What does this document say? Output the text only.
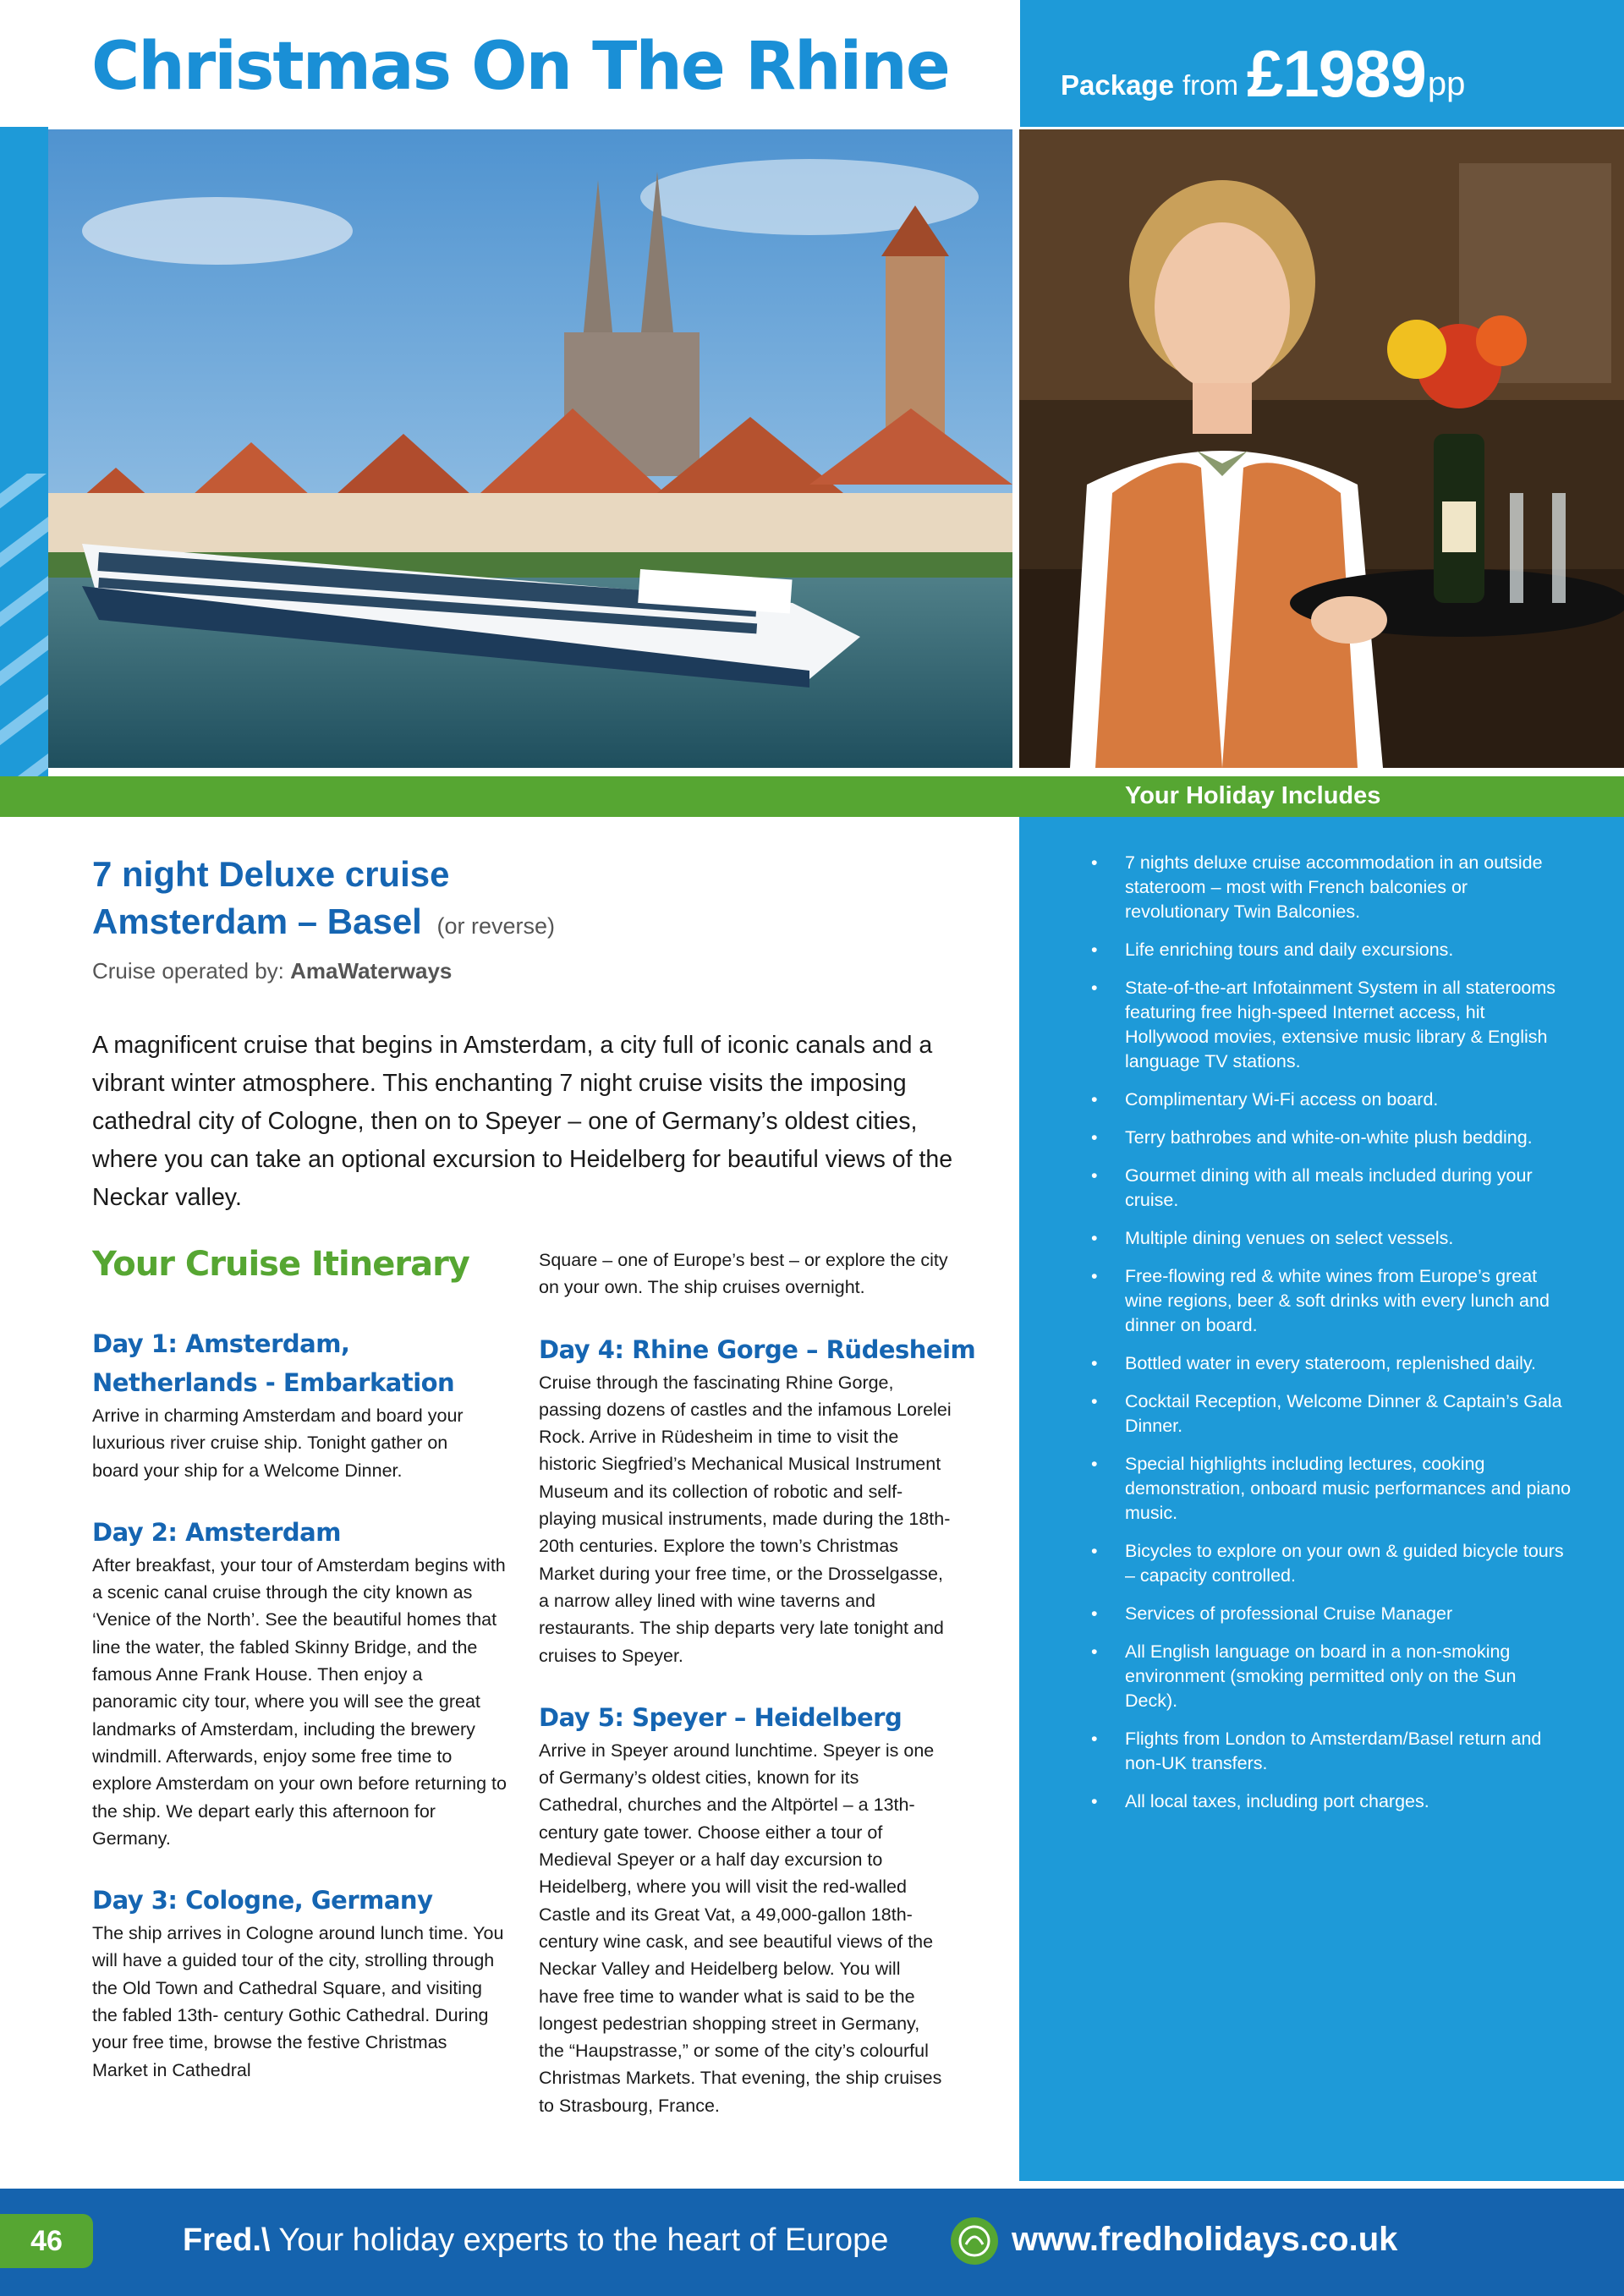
Christmas On The Rhine	Package from £1989 pp
Your Holiday Includes
• 7 nights deluxe cruise accommodation in an outside stateroom – most with French balconies or revolutionary Twin Balconies.
• Life enriching tours and daily excursions.
• State-of-the-art Infotainment System in all staterooms featuring free high-speed Internet access, hit Hollywood movies, extensive music library & English language TV stations.
• Complimentary Wi-Fi access on board.
• Terry bathrobes and white-on-white plush bedding.
• Gourmet dining with all meals included during your cruise.
• Multiple dining venues on select vessels.
• Free-flowing red & white wines from Europe’s great wine regions, beer & soft drinks with every lunch and dinner on board.
• Bottled water in every stateroom, replenished daily.
• Cocktail Reception, Welcome Dinner & Captain’s Gala Dinner.
• Special highlights including lectures, cooking demonstration, onboard music performances and piano music.
• Bicycles to explore on your own & guided bicycle tours – capacity controlled.
• Services of professional Cruise Manager
• All English language on board in a non-smoking environment (smoking permitted only on the Sun Deck).
• Flights from London to Amsterdam/Basel return and non-UK transfers.
• All local taxes, including port charges.
7 night Deluxe cruise
Amsterdam – Basel (or reverse)
Cruise operated by: AmaWaterways

A magnificent cruise that begins in Amsterdam, a city full of iconic canals and a vibrant winter atmosphere. This enchanting 7 night cruise visits the imposing cathedral city of Cologne, then on to Speyer – one of Germany’s oldest cities, where you can take an optional excursion to Heidelberg for beautiful views of the Neckar valley.

Your Cruise Itinerary
Day 1: Amsterdam, Netherlands - Embarkation

Arrive in charming Amsterdam and board your luxurious river cruise ship. Tonight gather on board your ship for a Welcome Dinner.

Day 2: Amsterdam

After breakfast, your tour of Amsterdam begins with a scenic canal cruise through the city known as ‘Venice of the North’. See the beautiful homes that line the water, the fabled Skinny Bridge, and the famous Anne Frank House. Then enjoy a panoramic city tour, where you will see the great landmarks of Amsterdam, including the brewery windmill. Afterwards, enjoy some free time to explore Amsterdam on your own before returning to the ship. We depart early this afternoon for Germany.

Day 3: Cologne, Germany

The ship arrives in Cologne around lunch time. You will have a guided tour of the city, strolling through the Old Town and Cathedral Square, and visiting the fabled 13th- century Gothic Cathedral. During your free time, browse the festive Christmas Market in Cathedral

Square – one of Europe’s best – or explore the city on your own. The ship cruises overnight.

Day 4: Rhine Gorge – Rüdesheim

Cruise through the fascinating Rhine Gorge, passing dozens of castles and the infamous Lorelei Rock. Arrive in Rüdesheim in time to visit the historic Siegfried’s Mechanical Musical Instrument Museum and its collection of robotic and self-playing musical instruments, made during the 18th-20th centuries. Explore the town’s Christmas Market during your free time, or the Drosselgasse, a narrow alley lined with wine taverns and restaurants. The ship departs very late tonight and cruises to Speyer.

Day 5: Speyer – Heidelberg

Arrive in Speyer around lunchtime. Speyer is one of Germany’s oldest cities, known for its Cathedral, churches and the Altpörtel – a 13th-century gate tower. Choose either a tour of Medieval Speyer or a half day excursion to Heidelberg, where you will visit the red-walled Castle and its Great Vat, a 49,000-gallon 18th-century wine cask, and see beautiful views of the Neckar Valley and Heidelberg below. You will have free time to wander what is said to be the longest pedestrian shopping street in Germany, the “Haupstrasse,” or some of the city’s colourful Christmas Markets. That evening, the ship cruises to Strasbourg, France.

46	Fred.\ Your holiday experts to the heart of Europe	www.fredholidays.co.uk
